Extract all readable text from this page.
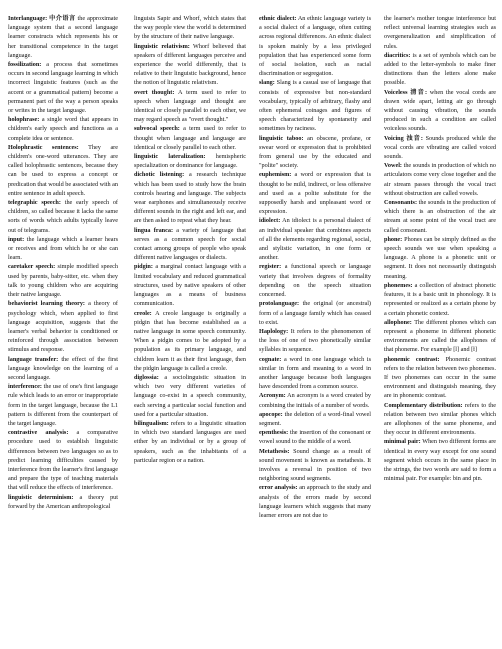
Interlanguage: 中介语言 the approximate language system that a second language learner constructs which represents his or her transitional competence in the target language.

fossilization: a process that sometimes occurs in second language learning in which incorrect linguistic features (such as the accent or a grammatical pattern) become a permanent part of the way a person speaks or writes in the target language.

holophrase: a single word that appears in children's early speech and functions as a complete idea or sentence.

Holophrastic sentences: They are children's one-word utterances. They are called holophrastic sentences, because they can be used to express a concept or predication that would be associated with an entire sentence in adult speech.

telegraphic speech: the early speech of children, so called because it lacks the same sorts of words which adults typically leave out of telegrams.

input: the language which a learner hears or receives and from which he or she can learn.

caretaker speech: simple modified speech used by parents, baby-sitter, etc. when they talk to young children who are acquiring their native language.

behaviorist learning theory: a theory of psychology which, when applied to first language acquisition, suggests that the learner's verbal behavior is conditioned or reinforced through association between stimulus and response.

language transfer: the effect of the first language knowledge on the learning of a second language.

interference: the use of one's first language rule which leads to an error or inappropriate form in the target language, because the L1 pattern is different from the counterpart of the target language.

contrastive analysis: a comparative procedure used to establish linguistic differences between two languages so as to predict learning difficulties caused by interference from the learner's first language and prepare the type of teaching materials that will reduce the effects of interference.

linguistic determinism: a theory put forward by the American anthropological

linguists Sapir and Whorf, which states that the way people view the world is determined by the structure of their native language.

linguistic relativism: Whorf believed that speakers of different languages perceive and experience the world differently, that is relative to their linguistic background, hence the notion of linguistic relativism.

overt thought: A term used to refer to speech when language and thought are identical or closely parallel to each other, we may regard speech as "overt thought."

subvocal speech: a term used to refer to thought when language and language are identical or closely parallel to each other.

linguistic lateralization: hemispheric specialization or dominance for language.

dichotic listening: a research technique which has been used to study how the brain controls hearing and language. The subjects wear earphones and simultaneously receive different sounds in the right and left ear, and are then asked to repeat what they hear.

lingua franca: a variety of language that serves as a common speech for social contact among groups of people who speak different native languages or dialects.

pidgin: a marginal contact language with a limited vocabulary and reduced grammatical structures, used by native speakers of other languages as a means of business communication.

creole: A creole language is originally a pidgin that has become established as a native language in some speech community. When a pidgin comes to be adopted by a population as its primary language, and children learn it as their first language, then the pidgin language is called a creole.

diglossia: a sociolinguistic situation in which two very different varieties of language co-exist in a speech community, each serving a particular social function and used for a particular situation.

bilingualism: refers to a linguistic situation in which two standard languages are used either by an individual or by a group of speakers, such as the inhabitants of a particular region or a nation.

ethnic dialect: An ethnic language variety is a social dialect of a language, often cutting across regional differences. An ethnic dialect is spoken mainly by a less privileged population that has experienced some form of social isolation, such as racial discrimination or segregation.

slang: Slang is a casual use of language that consists of expressive but non-standard vocabulary, typically of arbitrary, flashy and often ephemeral coinages and figures of speech characterized by spontaneity and sometimes by raciness.

linguistic taboo: an obscene, profane, or swear word or expression that is prohibited from general use by the educated and "polite" society.

euphemism: a word or expression that is thought to be mild, indirect, or less offensive and used as a polite substitute for the supposedly harsh and unpleasant word or expression.

idiolect: An idiolect is a personal dialect of an individual speaker that combines aspects of all the elements regarding regional, social, and stylistic variation, in one form or another.

register: a functional speech or language variety that involves degrees of formality depending on the speech situation concerned.

protolanguage: the original (or ancestral) form of a language family which has ceased to exist.

Haplology: It refers to the phenomenon of the loss of one of two phonetically similar syllables in sequence.

cognate: a word in one language which is similar in form and meaning to a word in another language because both languages have descended from a common source.

Acronym: An acronym is a word created by combining the initials of a number of words.

apocope: the deletion of a word-final vowel segment.

epenthesis: the insertion of the consonant or vowel sound to the middle of a word.

Metathesis: Sound change as a result of sound movement is known as metathesis. It involves a reversal in position of two neighboring sound segments.

error analysis: an approach to the study and analysis of the errors made by second language learners which suggests that many learner errors are not due to

the learner's mother tongue interference but reflect universal learning strategies such as overgeneralization and simplification of rules.

diacritics: is a set of symbols which can be added to the letter-symbols to make finer distinctions than the letters alone make possible.

Voiceless 清音: when the vocal cords are drawn wide apart, letting air go through without causing vibration, the sounds produced in such a condition are called voiceless sounds.

Voicing 浊音: Sounds produced while the vocal cords are vibrating are called voiced sounds.

Vowel: the sounds in production of which no articulators come very close together and the air stream passes through the vocal tract without obstruction are called vowels.

Consonants: the sounds in the production of which there is an obstruction of the air stream at some point of the vocal tract are called consonant.

phone: Phones can be simply defined as the speech sounds we use when speaking a language. A phone is a phonetic unit or segment. It does not necessarily distinguish meaning.

phonemes: a collection of abstract phonetic features, it is a basic unit in phonology. It is represented or realized as a certain phone by a certain phonetic context.

allophone: The different phones which can represent a phoneme in different phonetic environments are called the allophones of that phoneme. For example [l] and [ɫ]

phonemic contrast: Phonemic contrast refers to the relation between two phonemes. If two phonemes can occur in the same environment and distinguish meaning, they are in phonemic contrast.

Complementary distribution: refers to the relation between two similar phones which are allophones of the same phoneme, and they occur in different environments.

minimal pair: When two different forms are identical in every way except for one sound segment which occurs in the same place in the strings, the two words are said to form a minimal pair. For example: bin and pin.
